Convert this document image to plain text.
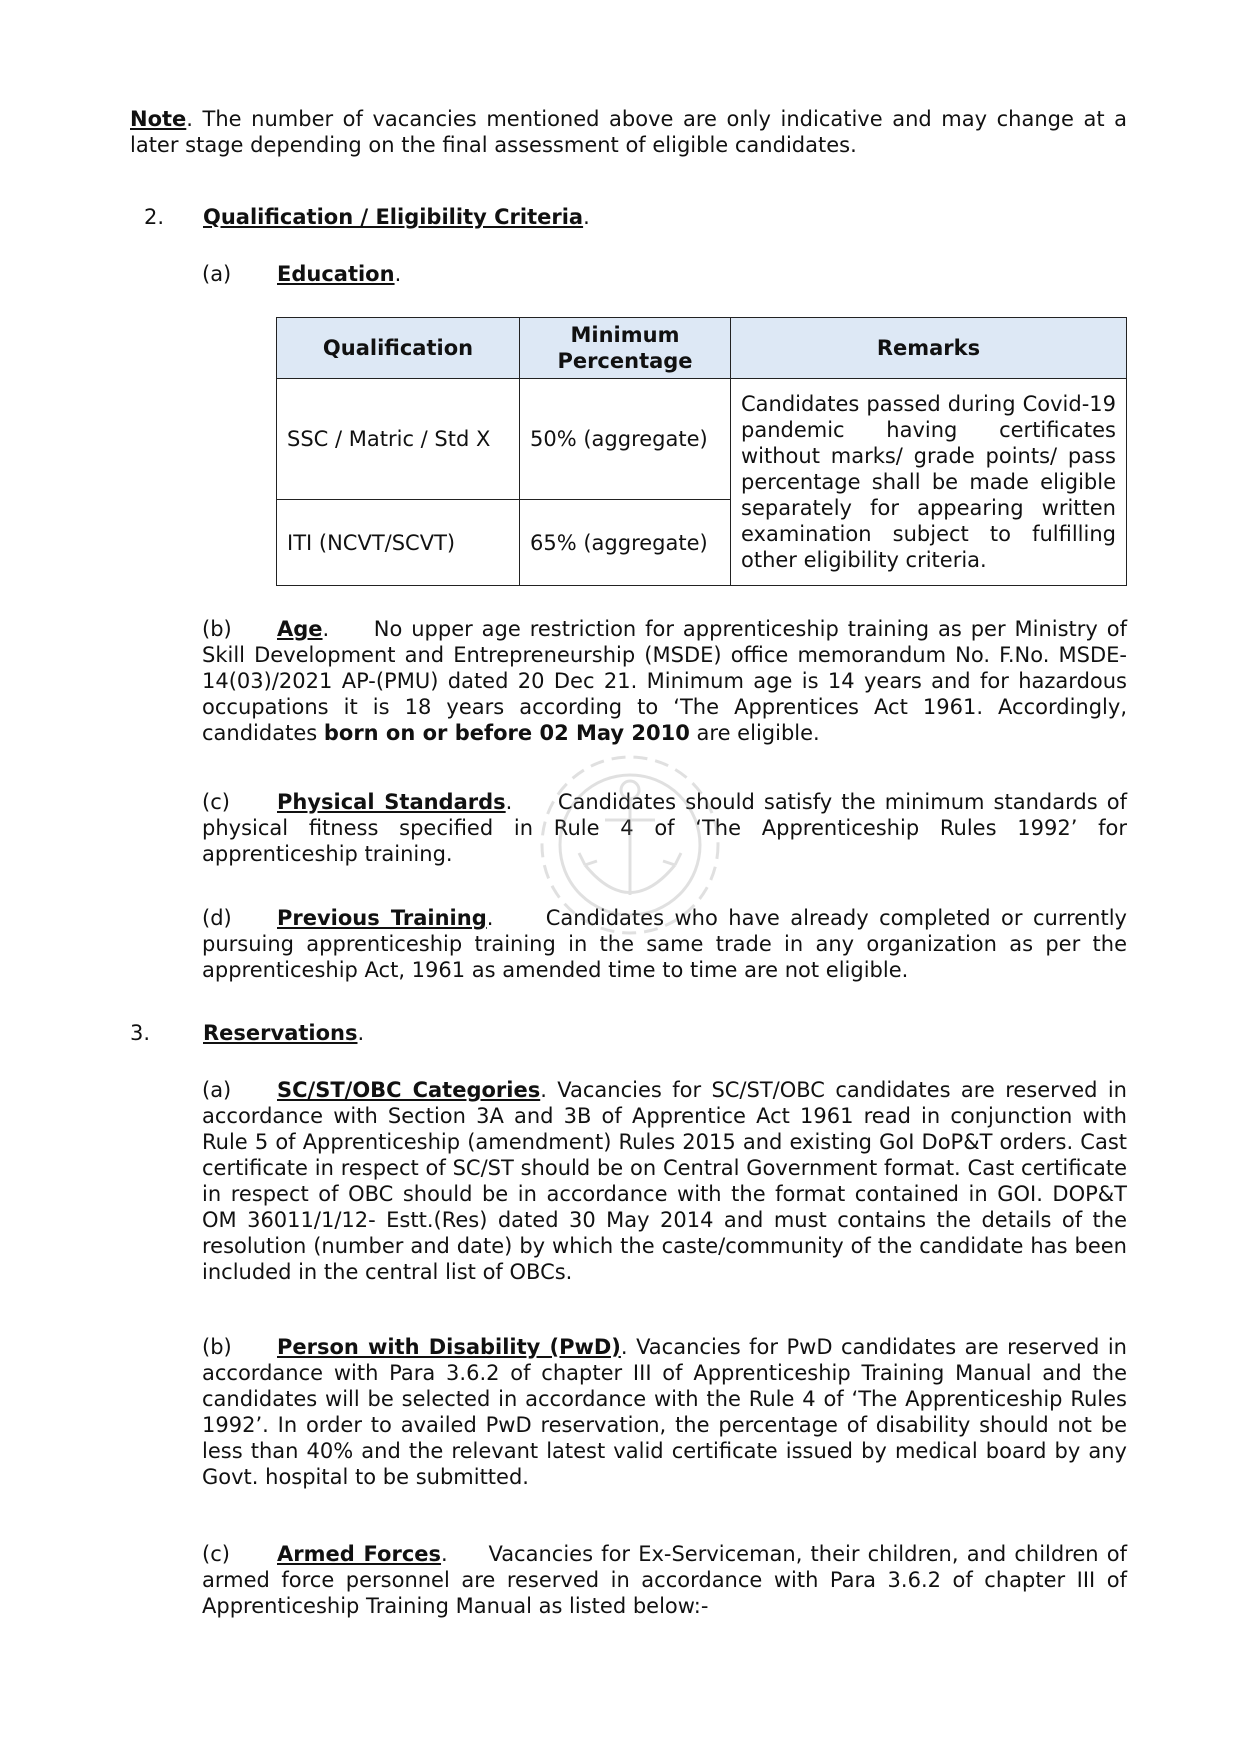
Note. The number of vacancies mentioned above are only indicative and may change at a later stage depending on the final assessment of eligible candidates.
2. Qualification / Eligibility Criteria.
(a) Education.
Qualification	Minimum Percentage	Remarks
SSC / Matric / Std X	50% (aggregate)	Candidates passed during Covid-19 pandemic having certificates without marks/ grade points/ pass percentage shall be made eligible separately for appearing written examination subject to fulfilling other eligibility criteria.
ITI (NCVT/SCVT)	65% (aggregate)	
(b) Age.     No upper age restriction for apprenticeship training as per Ministry of Skill Development and Entrepreneurship (MSDE) office memorandum No. F.No. MSDE-14(03)/2021 AP-(PMU) dated 20 Dec 21. Minimum age is 14 years and for hazardous occupations it is 18 years according to ‘The Apprentices Act 1961. Accordingly, candidates born on or before 02 May 2010 are eligible.
(c) Physical Standards.     Candidates should satisfy the minimum standards of physical fitness specified in Rule 4 of ‘The Apprenticeship Rules 1992’ for apprenticeship training.
(d) Previous Training.     Candidates who have already completed or currently pursuing apprenticeship training in the same trade in any organization as per the apprenticeship Act, 1961 as amended time to time are not eligible.
3.	Reservations.
(a) SC/ST/OBC Categories. Vacancies for SC/ST/OBC candidates are reserved in accordance with Section 3A and 3B of Apprentice Act 1961 read in conjunction with Rule 5 of Apprenticeship (amendment) Rules 2015 and existing GoI DoP&T orders. Cast certificate in respect of SC/ST should be on Central Government format. Cast certificate in respect of OBC should be in accordance with the format contained in GOI. DOP&T OM 36011/1/12- Estt.(Res) dated 30 May 2014 and must contains the details of the resolution (number and date) by which the caste/community of the candidate has been included in the central list of OBCs.
(b) Person with Disability (PwD). Vacancies for PwD candidates are reserved in accordance with Para 3.6.2 of chapter III of Apprenticeship Training Manual and the candidates will be selected in accordance with the Rule 4 of ‘The Apprenticeship Rules 1992’. In order to availed PwD reservation, the percentage of disability should not be less than 40% and the relevant latest valid certificate issued by medical board by any Govt. hospital to be submitted.
(c) Armed Forces.     Vacancies for Ex-Serviceman, their children, and children of armed force personnel are reserved in accordance with Para 3.6.2 of chapter III of Apprenticeship Training Manual as listed below:-
